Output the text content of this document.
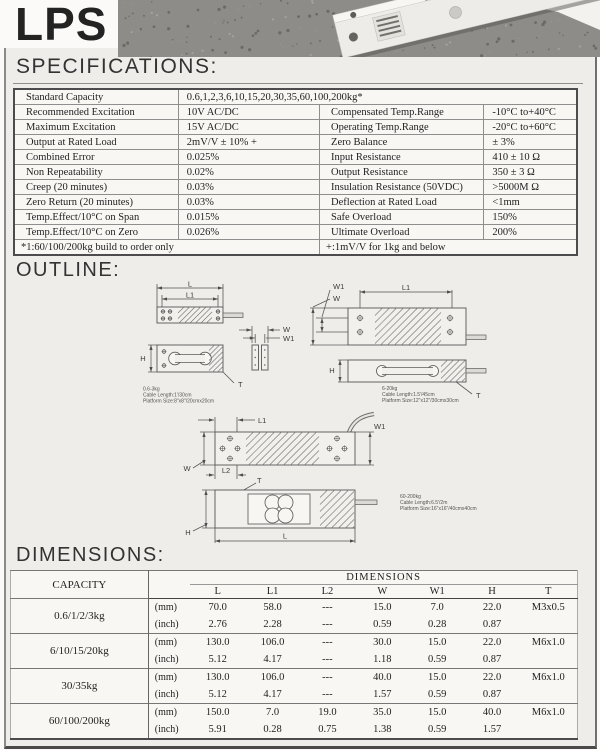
LPS
SPECIFICATIONS:
Standard Capacity	0.6,1,2,3,6,10,15,20,30,35,60,100,200kg*		
Recommended Excitation	10V AC/DC	Compensated Temp.Range	-10°C to+40°C
Maximum Excitation	15V AC/DC	Operating Temp.Range	-20°C to+60°C
Output at Rated Load	2mV/V ± 10% +	Zero Balance	± 3%
Combined Error	0.025%	Input Resistance	410 ± 10 Ω
Non Repeatability	0.02%	Output Resistance	350 ± 3 Ω
Creep (20 minutes)	0.03%	Insulation Resistance (50VDC)	>5000M Ω
Zero Return (20 minutes)	0.03%	Deflection at Rated Load	<1mm
Temp.Effect/10°C on Span	0.015%	Safe Overload	150%
Temp.Effect/10°C on Zero	0.026%	Ultimate Overload	200%
*1:60/100/200kg build to order only		+:1mV/V for 1kg and below	
OUTLINE:
L
L1
H
T
W
W1
0.6-3kg
Cable Length:1'/30cm
Platform Size:8"x8"/20cmx20cm
L1
W1
W
H
T
6-20kg
Cable Length:1.5'/45cm
Platform Size:12"x12"/30cmx30cm
L1
W1
W	L2
T
H	L
60-200kg
Cable Length:6.5'/2m
Platform Size:16"x16"/40cmx40cm
DIMENSIONS:
CAPACITY		DIMENSIONS						
		L	L1	L2	W	W1	H	T
0.6/1/2/3kg	(mm)	70.0	58.0	---	15.0	7.0	22.0	M3x0.5
	(inch)	2.76	2.28	---	0.59	0.28	0.87	
6/10/15/20kg	(mm)	130.0	106.0	---	30.0	15.0	22.0	M6x1.0
	(inch)	5.12	4.17	---	1.18	0.59	0.87	
30/35kg	(mm)	130.0	106.0	---	40.0	15.0	22.0	M6x1.0
	(inch)	5.12	4.17	---	1.57	0.59	0.87	
60/100/200kg	(mm)	150.0	7.0	19.0	35.0	15.0	40.0	M6x1.0
	(inch)	5.91	0.28	0.75	1.38	0.59	1.57	
